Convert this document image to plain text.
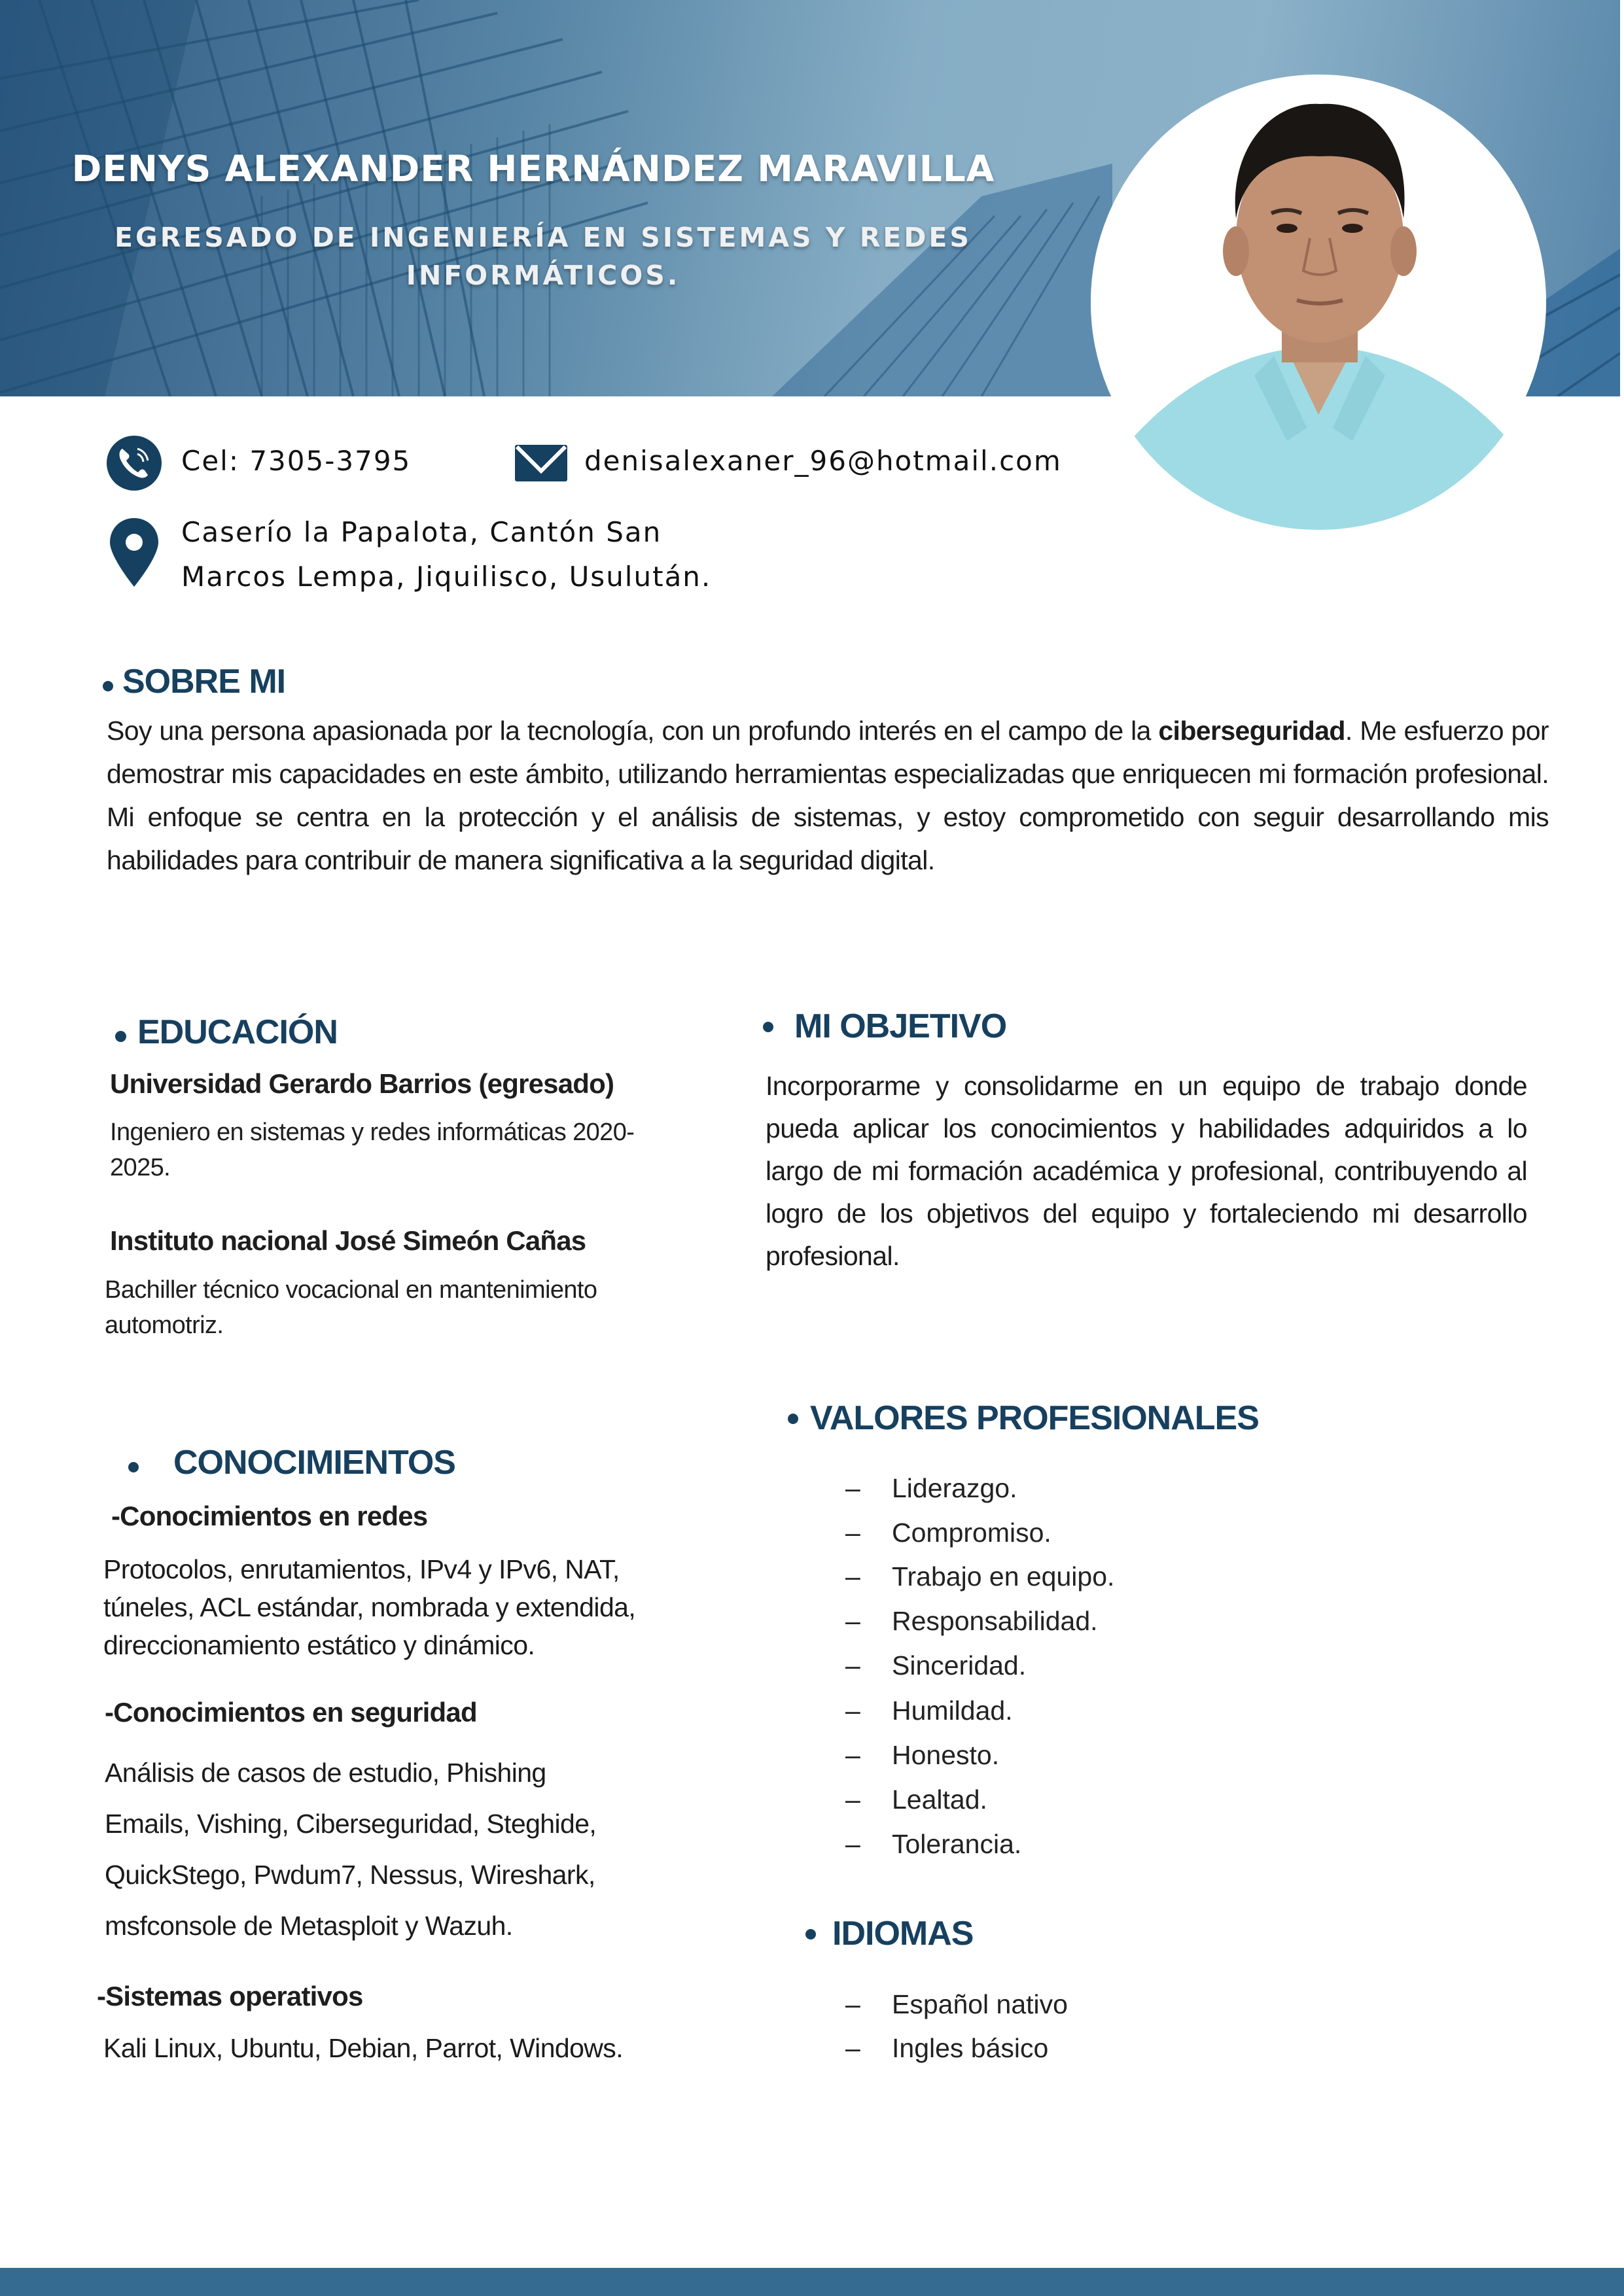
DENYS ALEXANDER HERNÁNDEZ MARAVILLA
EGRESADO DE INGENIERÍA EN SISTEMAS Y REDES
INFORMÁTICOS.
Cel: 7305-3795	denisalexaner_96@hotmail.com
Caserío la Papalota, Cantón San
Marcos Lempa, Jiquilisco, Usulután.
SOBRE MI
Soy una persona apasionada por la tecnología, con un profundo interés en el campo de la ciberseguridad. Me esfuerzo por demostrar mis capacidades en este ámbito, utilizando herramientas especializadas que enriquecen mi formación profesional. Mi enfoque se centra en la protección y el análisis de sistemas, y estoy comprometido con seguir desarrollando mis habilidades para contribuir de manera significativa a la seguridad digital.
EDUCACIÓN
Universidad Gerardo Barrios (egresado)
Ingeniero en sistemas y redes informáticas 2020-
2025.
Instituto nacional José Simeón Cañas
Bachiller técnico vocacional en mantenimiento
automotriz.
MI OBJETIVO
Incorporarme y consolidarme en un equipo de trabajo donde pueda aplicar los conocimientos y habilidades adquiridos a lo largo de mi formación académica y profesional, contribuyendo al logro de los objetivos del equipo y fortaleciendo mi desarrollo profesional.
CONOCIMIENTOS
-Conocimientos en redes
Protocolos, enrutamientos, IPv4 y IPv6, NAT,
túneles, ACL estándar, nombrada y extendida,
direccionamiento estático y dinámico.
-Conocimientos en seguridad
Análisis de casos de estudio, Phishing
Emails, Vishing, Ciberseguridad, Steghide,
QuickStego, Pwdum7, Nessus, Wireshark,
msfconsole de Metasploit y Wazuh.
-Sistemas operativos
Kali Linux, Ubuntu, Debian, Parrot, Windows.
VALORES PROFESIONALES
– Liderazgo.
– Compromiso.
– Trabajo en equipo.
– Responsabilidad.
– Sinceridad.
– Humildad.
– Honesto.
– Lealtad.
– Tolerancia.
IDIOMAS
– Español nativo
– Ingles básico
